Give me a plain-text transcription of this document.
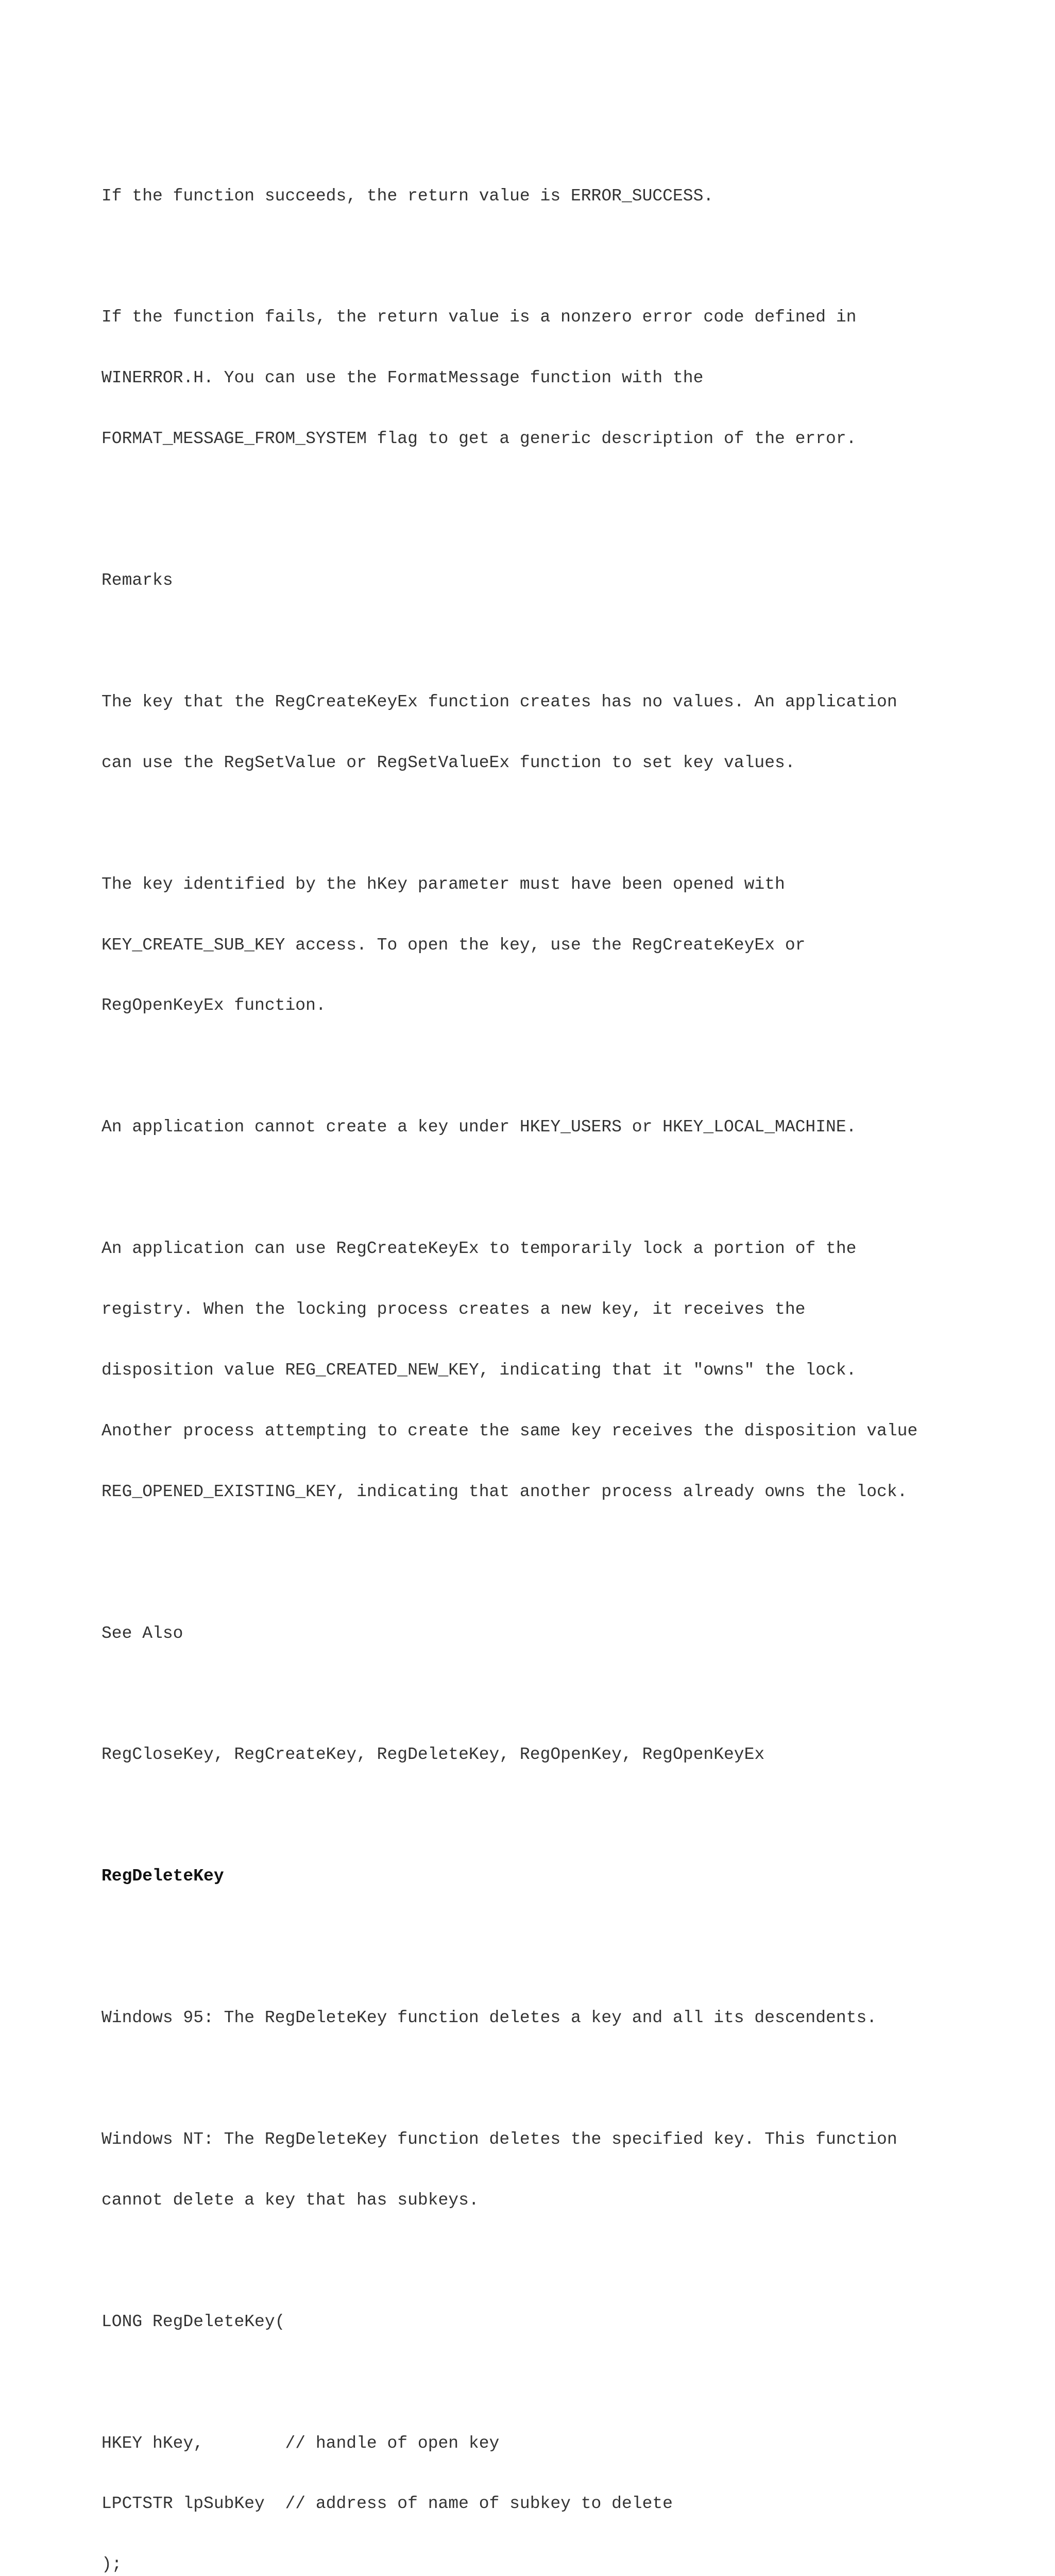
If the function succeeds, the return value is ERROR_SUCCESS.

If the function fails, the return value is a nonzero error code defined in

WINERROR.H. You can use the FormatMessage function with the

FORMAT_MESSAGE_FROM_SYSTEM flag to get a generic description of the error.

Remarks

The key that the RegCreateKeyEx function creates has no values. An application

can use the RegSetValue or RegSetValueEx function to set key values.

The key identified by the hKey parameter must have been opened with

KEY_CREATE_SUB_KEY access. To open the key, use the RegCreateKeyEx or

RegOpenKeyEx function.

An application cannot create a key under HKEY_USERS or HKEY_LOCAL_MACHINE.

An application can use RegCreateKeyEx to temporarily lock a portion of the

registry. When the locking process creates a new key, it receives the

disposition value REG_CREATED_NEW_KEY, indicating that it "owns" the lock.

Another process attempting to create the same key receives the disposition value

REG_OPENED_EXISTING_KEY, indicating that another process already owns the lock.

See Also

RegCloseKey, RegCreateKey, RegDeleteKey, RegOpenKey, RegOpenKeyEx

RegDeleteKey

Windows 95: The RegDeleteKey function deletes a key and all its descendents.

Windows NT: The RegDeleteKey function deletes the specified key. This function

cannot delete a key that has subkeys.

LONG RegDeleteKey(

HKEY hKey,        // handle of open key

LPCTSTR lpSubKey  // address of name of subkey to delete

);
